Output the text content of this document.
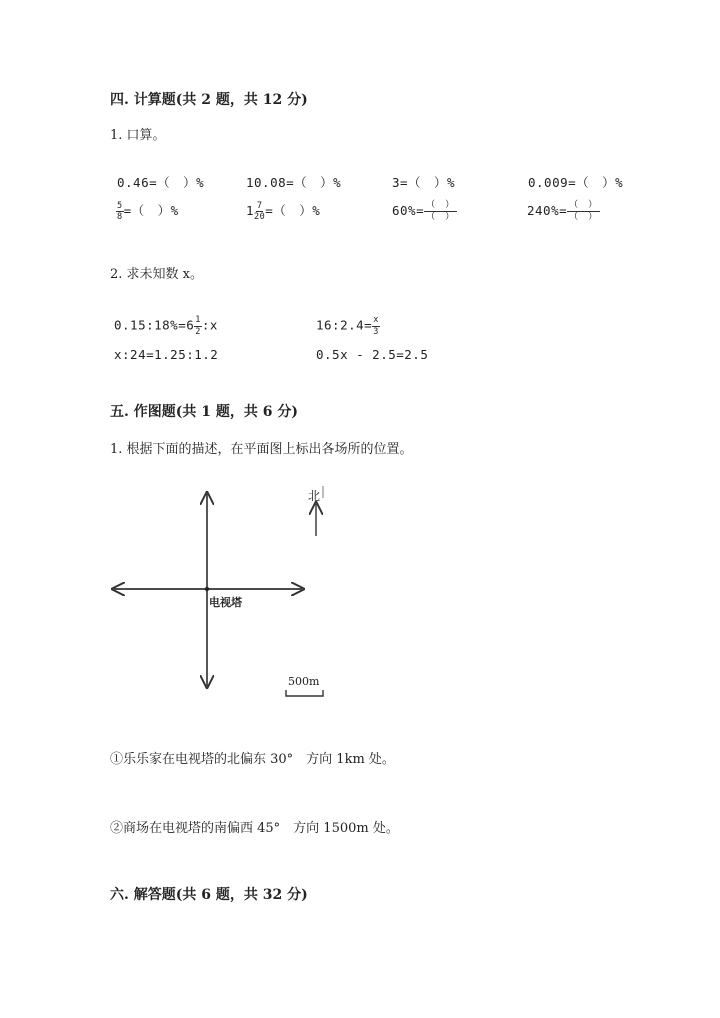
四. 计算题(共 2 题，共 12 分)
1. 口算。
0.46=（　）%	10.08=（　）%	3=（　）%	0.009=（　）%
$\frac{5}{8}$ =（　）%	$1 \frac{7}{20}$ =（　）%	$60\%= \frac{( )}{( )}$	$240\%= \frac{( )}{( )}$
2. 求未知数 x。
0.15:18%=6 $\frac{1}{2}$ :x	16:2.4= $\frac{x}{3}$
x:24=1.25:1.2	0.5x - 2.5=2.5
五. 作图题(共 1 题，共 6 分)
1. 根据下面的描述，在平面图上标出各场所的位置。
电视塔
北
500m
①乐乐家在电视塔的北偏东 30°　方向 1km 处。
②商场在电视塔的南偏西 45°　方向 1500m 处。
六. 解答题(共 6 题，共 32 分)
